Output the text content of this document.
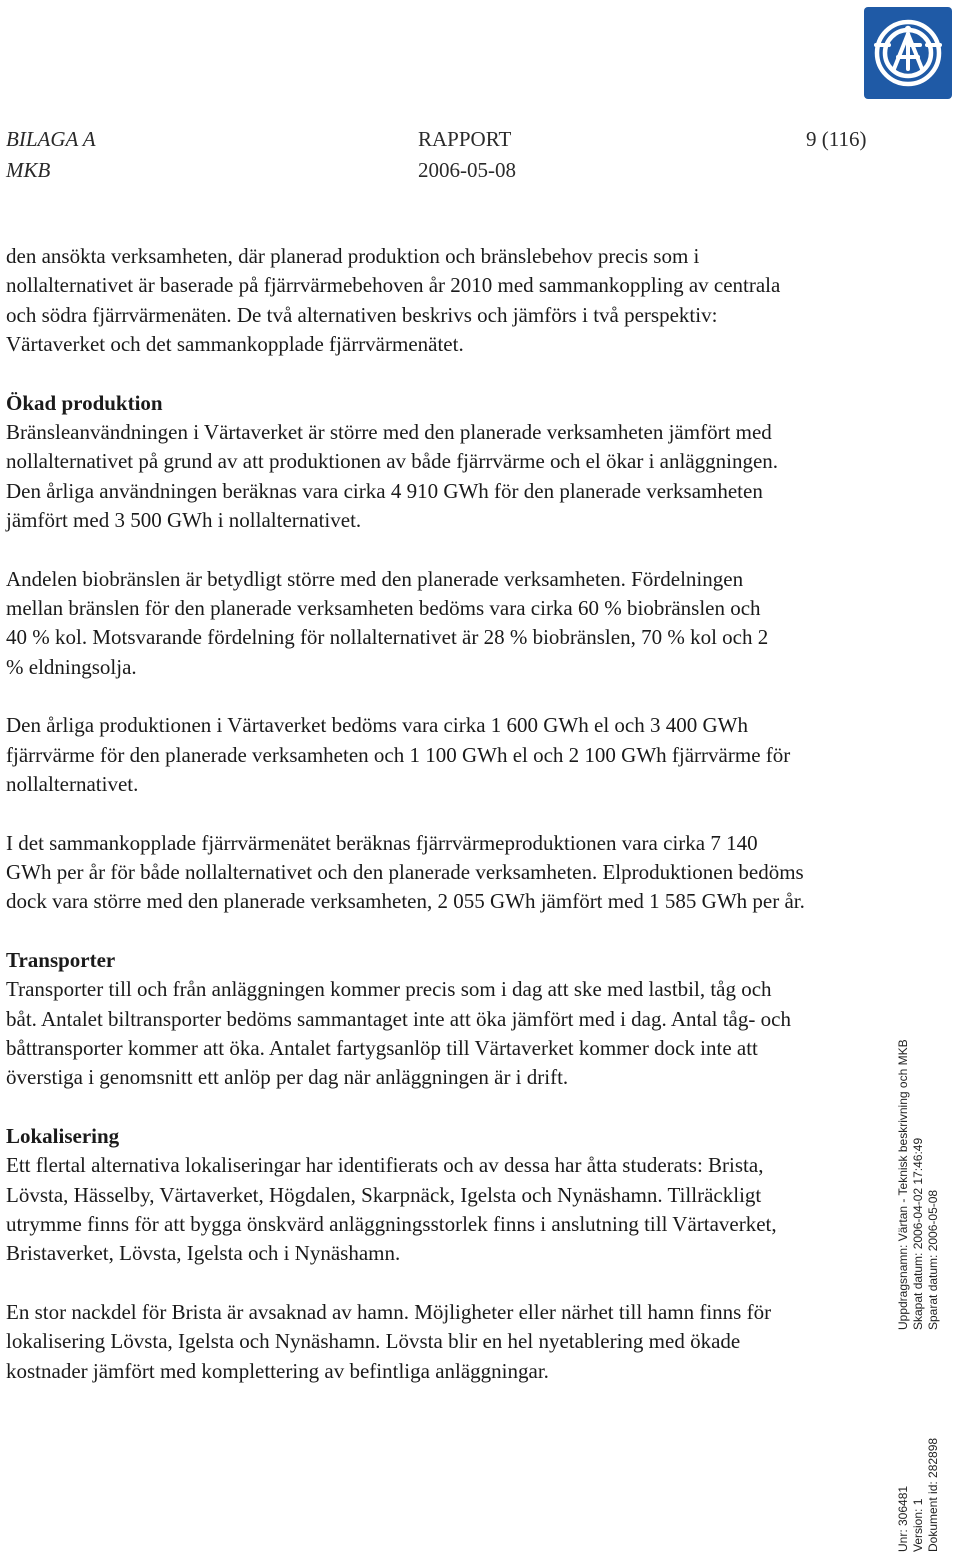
BILAGA A
MKB
RAPPORT
2006-05-08
9 (116)

den ansökta verksamheten, där planerad produktion och bränslebehov precis som i nollalternativet är baserade på fjärrvärmebehoven år 2010 med sammankoppling av centrala och södra fjärrvärmenäten. De två alternativen beskrivs och jämförs i två perspektiv: Värtaverket och det sammankopplade fjärrvärmenätet.

Ökad produktion

Bränsleanvändningen i Värtaverket är större med den planerade verksamheten jämfört med nollalternativet på grund av att produktionen av både fjärrvärme och el ökar i anläggningen. Den årliga användningen beräknas vara cirka 4 910 GWh för den planerade verksamheten jämfört med 3 500 GWh i nollalternativet.

Andelen biobränslen är betydligt större med den planerade verksamheten. Fördelningen mellan bränslen för den planerade verksamheten bedöms vara cirka 60 % biobränslen och 40 % kol. Motsvarande fördelning för nollalternativet är 28 % biobränslen, 70 % kol och 2 % eldningsolja.

Den årliga produktionen i Värtaverket bedöms vara cirka 1 600 GWh el och 3 400 GWh fjärrvärme för den planerade verksamheten och 1 100 GWh el och 2 100 GWh fjärrvärme för nollalternativet.

I det sammankopplade fjärrvärmenätet beräknas fjärrvärmeproduktionen vara cirka 7 140 GWh per år för både nollalternativet och den planerade verksamheten. Elproduktionen bedöms dock vara större med den planerade verksamheten, 2 055 GWh jämfört med 1 585 GWh per år.

Transporter

Transporter till och från anläggningen kommer precis som i dag att ske med lastbil, tåg och båt. Antalet biltransporter bedöms sammantaget inte att öka jämfört med i dag. Antal tåg- och båttransporter kommer att öka. Antalet fartygsanlöp till Värtaverket kommer dock inte att överstiga i genomsnitt ett anlöp per dag när anläggningen är i drift.

Lokalisering

Ett flertal alternativa lokaliseringar har identifierats och av dessa har åtta studerats: Brista, Lövsta, Hässelby, Värtaverket, Högdalen, Skarpnäck, Igelsta och Nynäshamn. Tillräckligt utrymme finns för att bygga önskvärd anläggningsstorlek finns i anslutning till Värtaverket, Bristaverket, Lövsta, Igelsta och i Nynäshamn.

En stor nackdel för Brista är avsaknad av hamn. Möjligheter eller närhet till hamn finns för lokalisering Lövsta, Igelsta och Nynäshamn. Lövsta blir en hel nyetablering med ökade kostnader jämfört med komplettering av befintliga anläggningar.

Uppdragsnamn: Värtan - Teknisk beskrivning och MKB Skapat datum: 2006-04-02 17:46:49 Sparat datum: 2006-05-08
Unr: 306481 Version: 1 Dokument id: 282898
